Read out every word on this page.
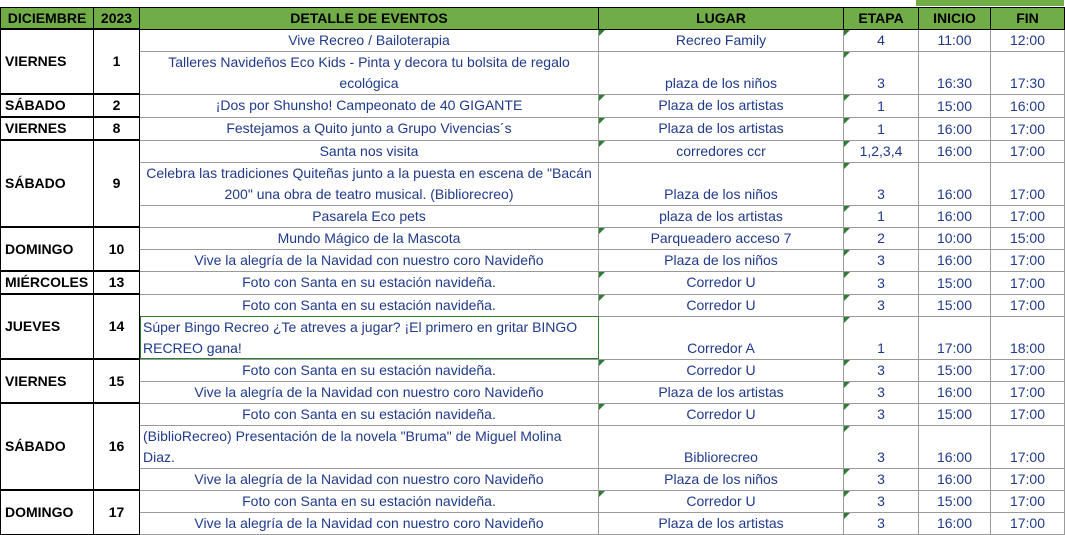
DICIEMBRE	2023	DETALLE DE EVENTOS	LUGAR	ETAPA	INICIO	FIN
VIERNES	1	Vive Recreo / Bailoterapia	Recreo Family	4	11:00	12:00
		Talleres Navideños Eco Kids - Pinta y decora tu bolsita de regalo ecológica	plaza de los niños	3	16:30	17:30
SÁBADO	2	¡Dos por Shunsho! Campeonato de 40 GIGANTE	Plaza de los artistas	1	15:00	16:00
VIERNES	8	Festejamos a Quito junto a Grupo Vivencias´s	Plaza de los artistas	1	16:00	17:00
SÁBADO	9	Santa nos visita	corredores ccr	1,2,3,4	16:00	17:00
		Celebra las tradiciones Quiteñas junto a la puesta en escena de "Bacán 200" una obra de teatro musical. (Bibliorecreo)	Plaza de los niños	3	16:00	17:00
		Pasarela Eco pets	plaza de los artistas	1	16:00	17:00
DOMINGO	10	Mundo Mágico de la Mascota	Parqueadero acceso 7	2	10:00	15:00
		Vive la alegría de la Navidad con nuestro coro Navideño	Plaza de los niños	3	16:00	17:00
MIÉRCOLES	13	Foto con Santa en su estación navideña.	Corredor U	3	15:00	17:00
JUEVES	14	Foto con Santa en su estación navideña.	Corredor U	3	15:00	17:00
		Súper Bingo Recreo ¿Te atreves a jugar? ¡El primero en gritar BINGO RECREO gana!	Corredor A	1	17:00	18:00
VIERNES	15	Foto con Santa en su estación navideña.	Corredor U	3	15:00	17:00
		Vive la alegría de la Navidad con nuestro coro Navideño	Plaza de los artistas	3	16:00	17:00
SÁBADO	16	Foto con Santa en su estación navideña.	Corredor U	3	15:00	17:00
		(BiblioRecreo) Presentación de la novela "Bruma" de Miguel Molina Diaz.	Bibliorecreo	3	16:00	17:00
		Vive la alegría de la Navidad con nuestro coro Navideño	Plaza de los niños	3	16:00	17:00
DOMINGO	17	Foto con Santa en su estación navideña.	Corredor U	3	15:00	17:00
		Vive la alegría de la Navidad con nuestro coro Navideño	Plaza de los artistas	3	16:00	17:00
